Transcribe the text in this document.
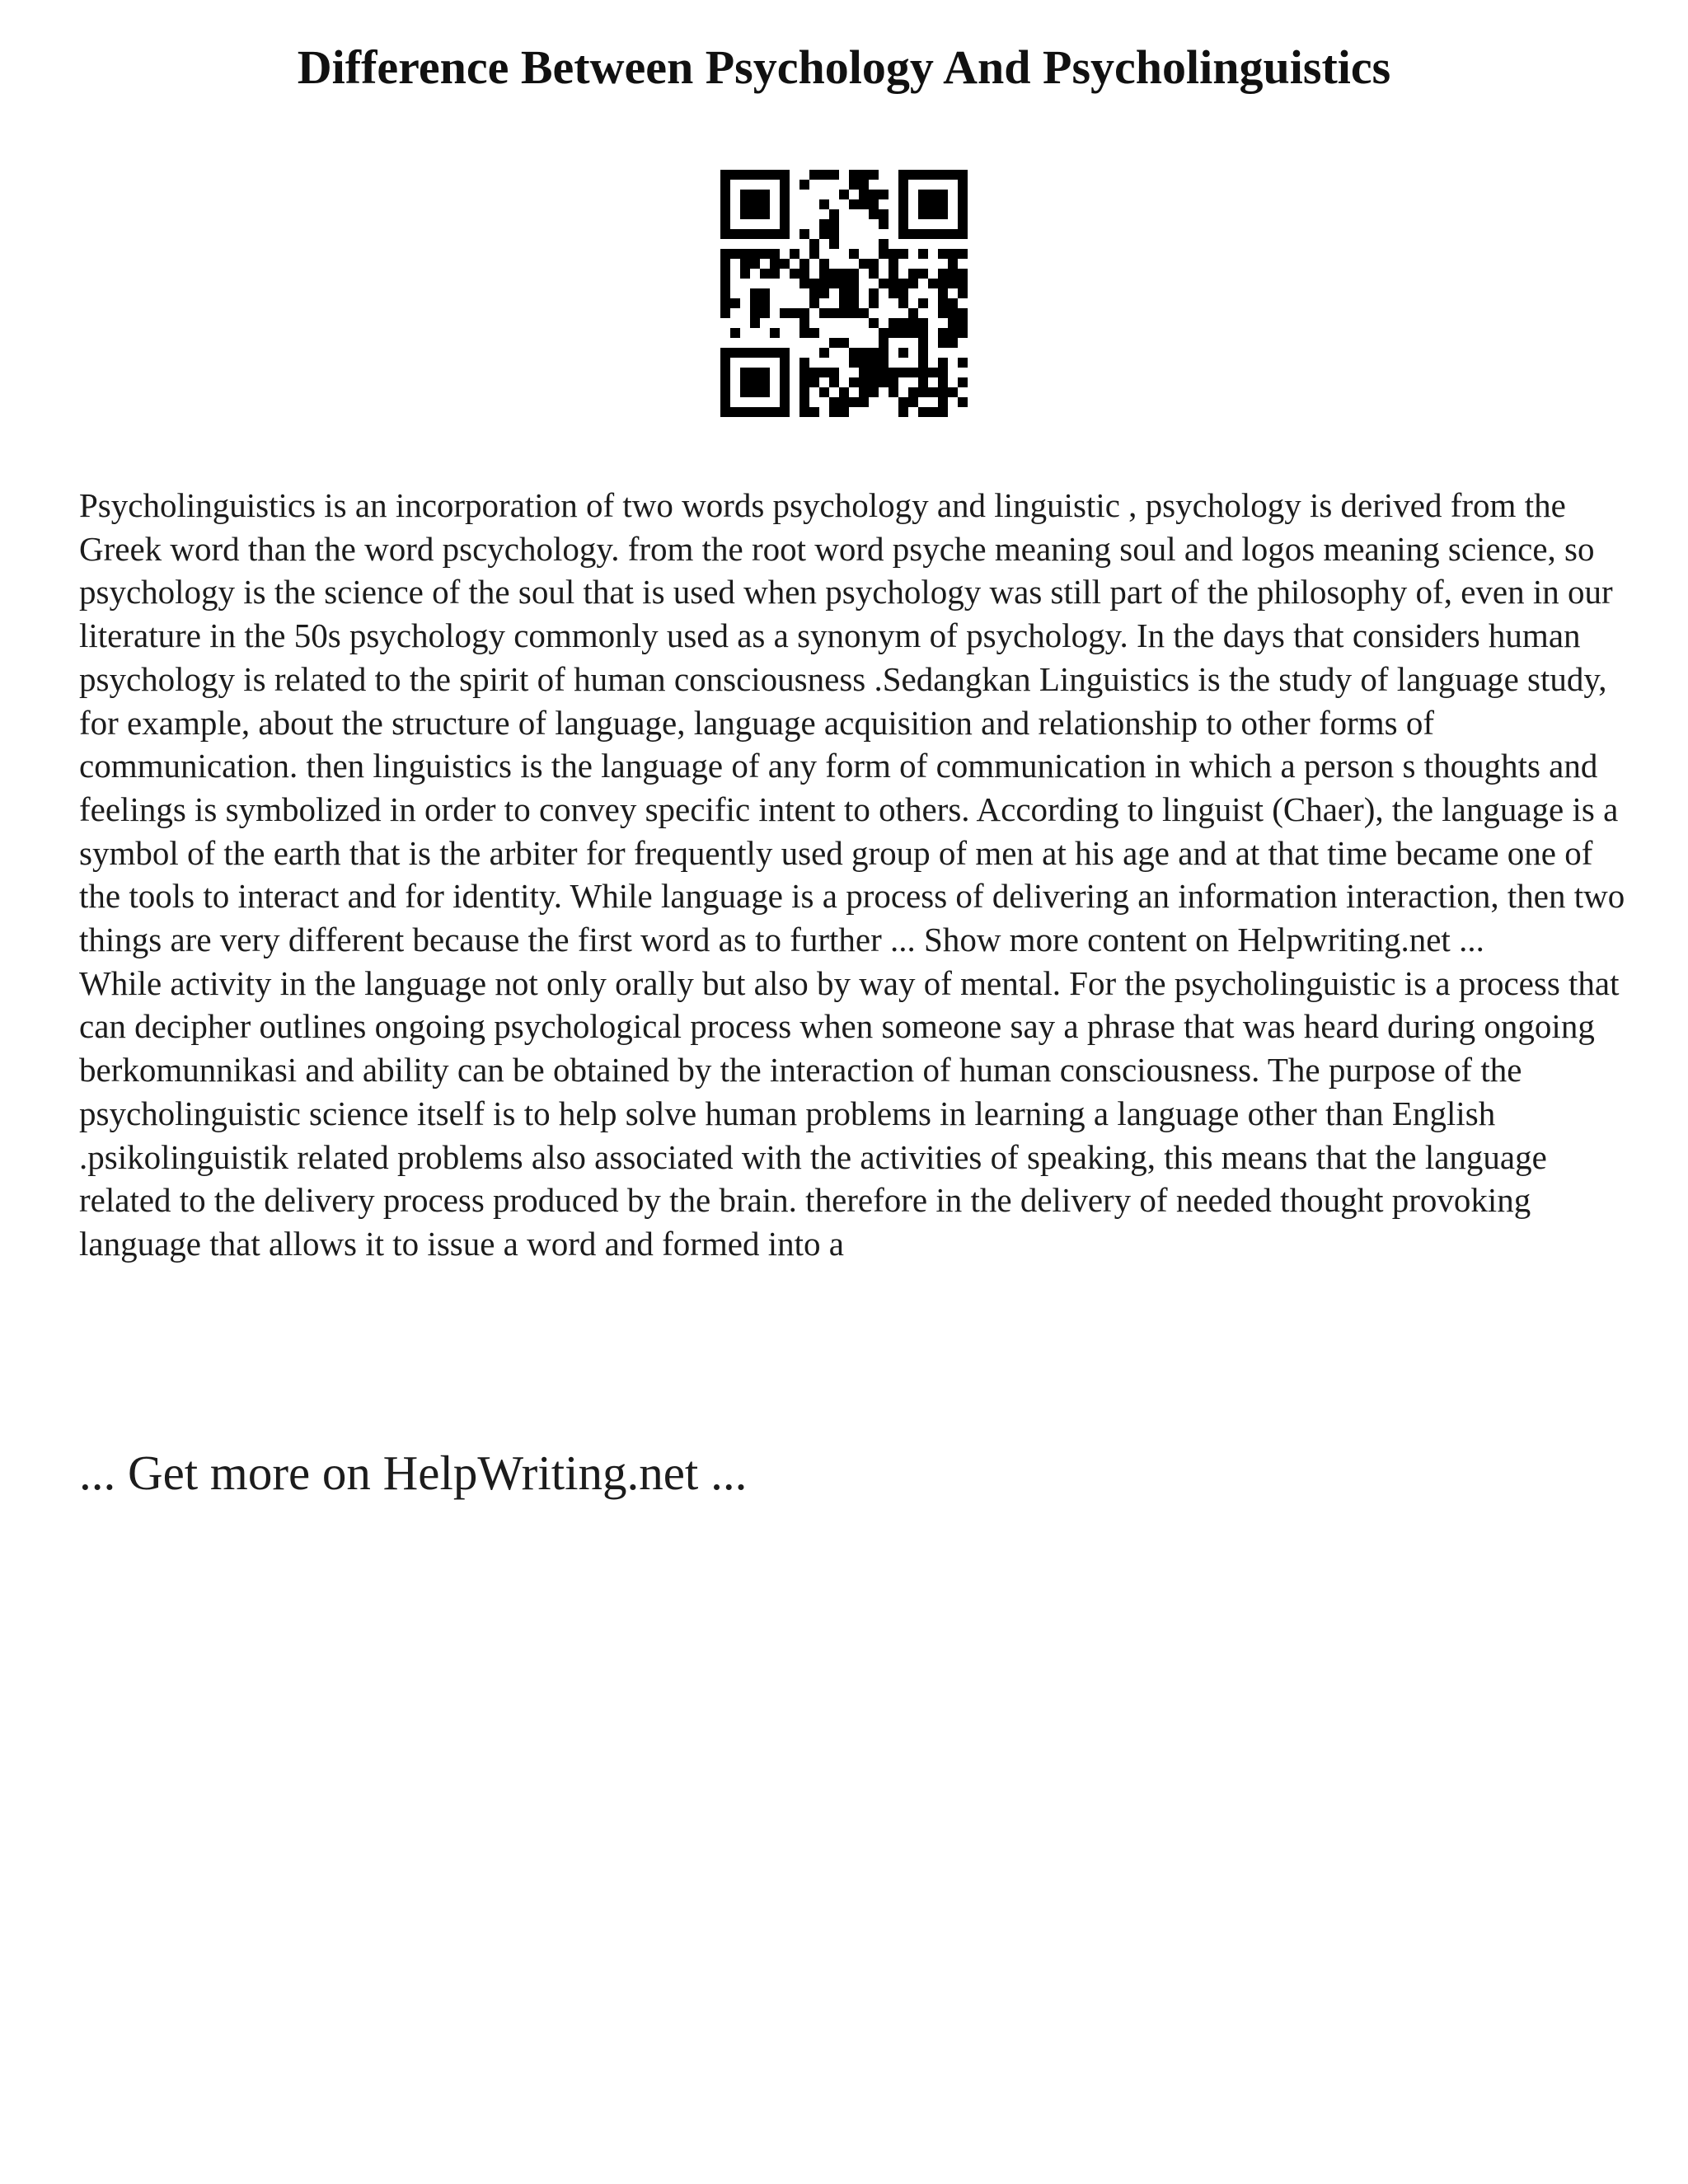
Difference Between Psychology And Psycholinguistics

Psycholinguistics is an incorporation of two words psychology and linguistic , psychology is derived from the Greek word than the word pscychology. from the root word psyche meaning soul and logos meaning science, so psychology is the science of the soul that is used when psychology was still part of the philosophy of, even in our literature in the 50s psychology commonly used as a synonym of psychology. In the days that considers human psychology is related to the spirit of human consciousness .Sedangkan Linguistics is the study of language study, for example, about the structure of language, language acquisition and relationship to other forms of communication. then linguistics is the language of any form of communication in which a person s thoughts and feelings is symbolized in order to convey specific intent to others. According to linguist (Chaer), the language is a symbol of the earth that is the arbiter for frequently used group of men at his age and at that time became one of the tools to interact and for identity. While language is a process of delivering an information interaction, then two things are very different because the first word as to further ... Show more content on Helpwriting.net ...

While activity in the language not only orally but also by way of mental. For the psycholinguistic is a process that can decipher outlines ongoing psychological process when someone say a phrase that was heard during ongoing berkomunnikasi and ability can be obtained by the interaction of human consciousness. The purpose of the psycholinguistic science itself is to help solve human problems in learning a language other than English .psikolinguistik related problems also associated with the activities of speaking, this means that the language related to the delivery process produced by the brain. therefore in the delivery of needed thought provoking language that allows it to issue a word and formed into a

... Get more on HelpWriting.net ...
